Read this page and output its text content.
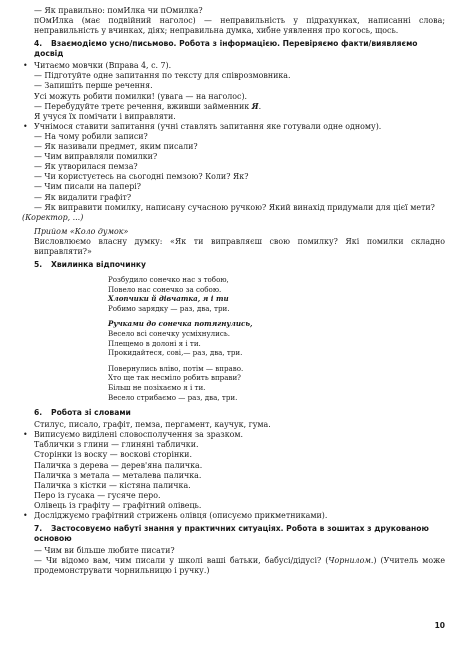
— Як правильно: помИлка чи пОмилка?

пОмИлка (має подвійний наголос) — неправильність у підрахунках, написанні слова; неправильність у вчинках, діях; неправильна думка, хибне уявлення про когось, щось.

4. Взаємодіємо усно/письмово. Робота з інформацією. Перевіряємо факти/виявляємо досвід

• Читаємо мовчки (Вправа 4, с. 7).

— Підготуйте одне запитання по тексту для співрозмовника.

— Запишіть перше речення.

Усі можуть робити помилки! (увага — на наголос).

— Перебудуйте третє речення, вживши займенник Я.

Я учуся їх помічати і виправляти.

• Учнімося ставити запитання (учні ставлять запитання яке готували одне одному).

— На чому робили записи?

— Як називали предмет, яким писали?

— Чим виправляли помилки?

— Як утворилася пемза?

— Чи користуєтесь на сьогодні пемзою? Коли? Як?

— Чим писали на папері?

— Як видалити графіт?

— Як виправити помилку, написану сучасною ручкою? Який винахід придумали для цієї мети?

(Коректор, ...)

Прийом «Коло думок»

Висловлюємо власну думку: «Як ти виправляєш свою помилку? Які помилки складно виправляти?»

5. Хвилинка відпочинку
Розбудило сонечко нас з тобою,
Повело нас сонечко за собою.
Хлопчики й дівчатка, я і ти
Робимо зарядку — раз, два, три.
Ручками до сонечка потягнулись,
Весело всі сонечку усміхнулись.
Плещемо в долоні я і ти.
Прокидайтеся, сові,— раз, два, три.
Повернулись вліво, потім — вправо.
Хто ще так несміло робить вправи?
Більш не позіхаємо я і ти.
Весело стрибаємо — раз, два, три.
6. Робота зі словами

Стилус, писало, графіт, пемза, пергамент, каучук, гума.

• Виписуємо виділені словосполучення за зразком.

Таблички з глини — глиняні таблички.

Сторінки із воску — воскові сторінки.

Паличка з дерева — дерев'яна паличка.

Паличка з метала — металева паличка.

Паличка з кістки — кістяна паличка.

Перо із гусака — гусяче перо.

Олівець із графіту — графітний олівець.

• Досліджуємо графітний стрижень олівця (описуємо прикметниками).

7. Застосовуємо набуті знання у практичних ситуаціях. Робота в зошитах з друкованою основою

— Чим ви більше любите писати?

— Чи відомо вам, чим писали у школі ваші батьки, бабусі/дідусі? (Чорнилом.) (Учитель може продемонструвати чорнильницю і ручку.)

10
